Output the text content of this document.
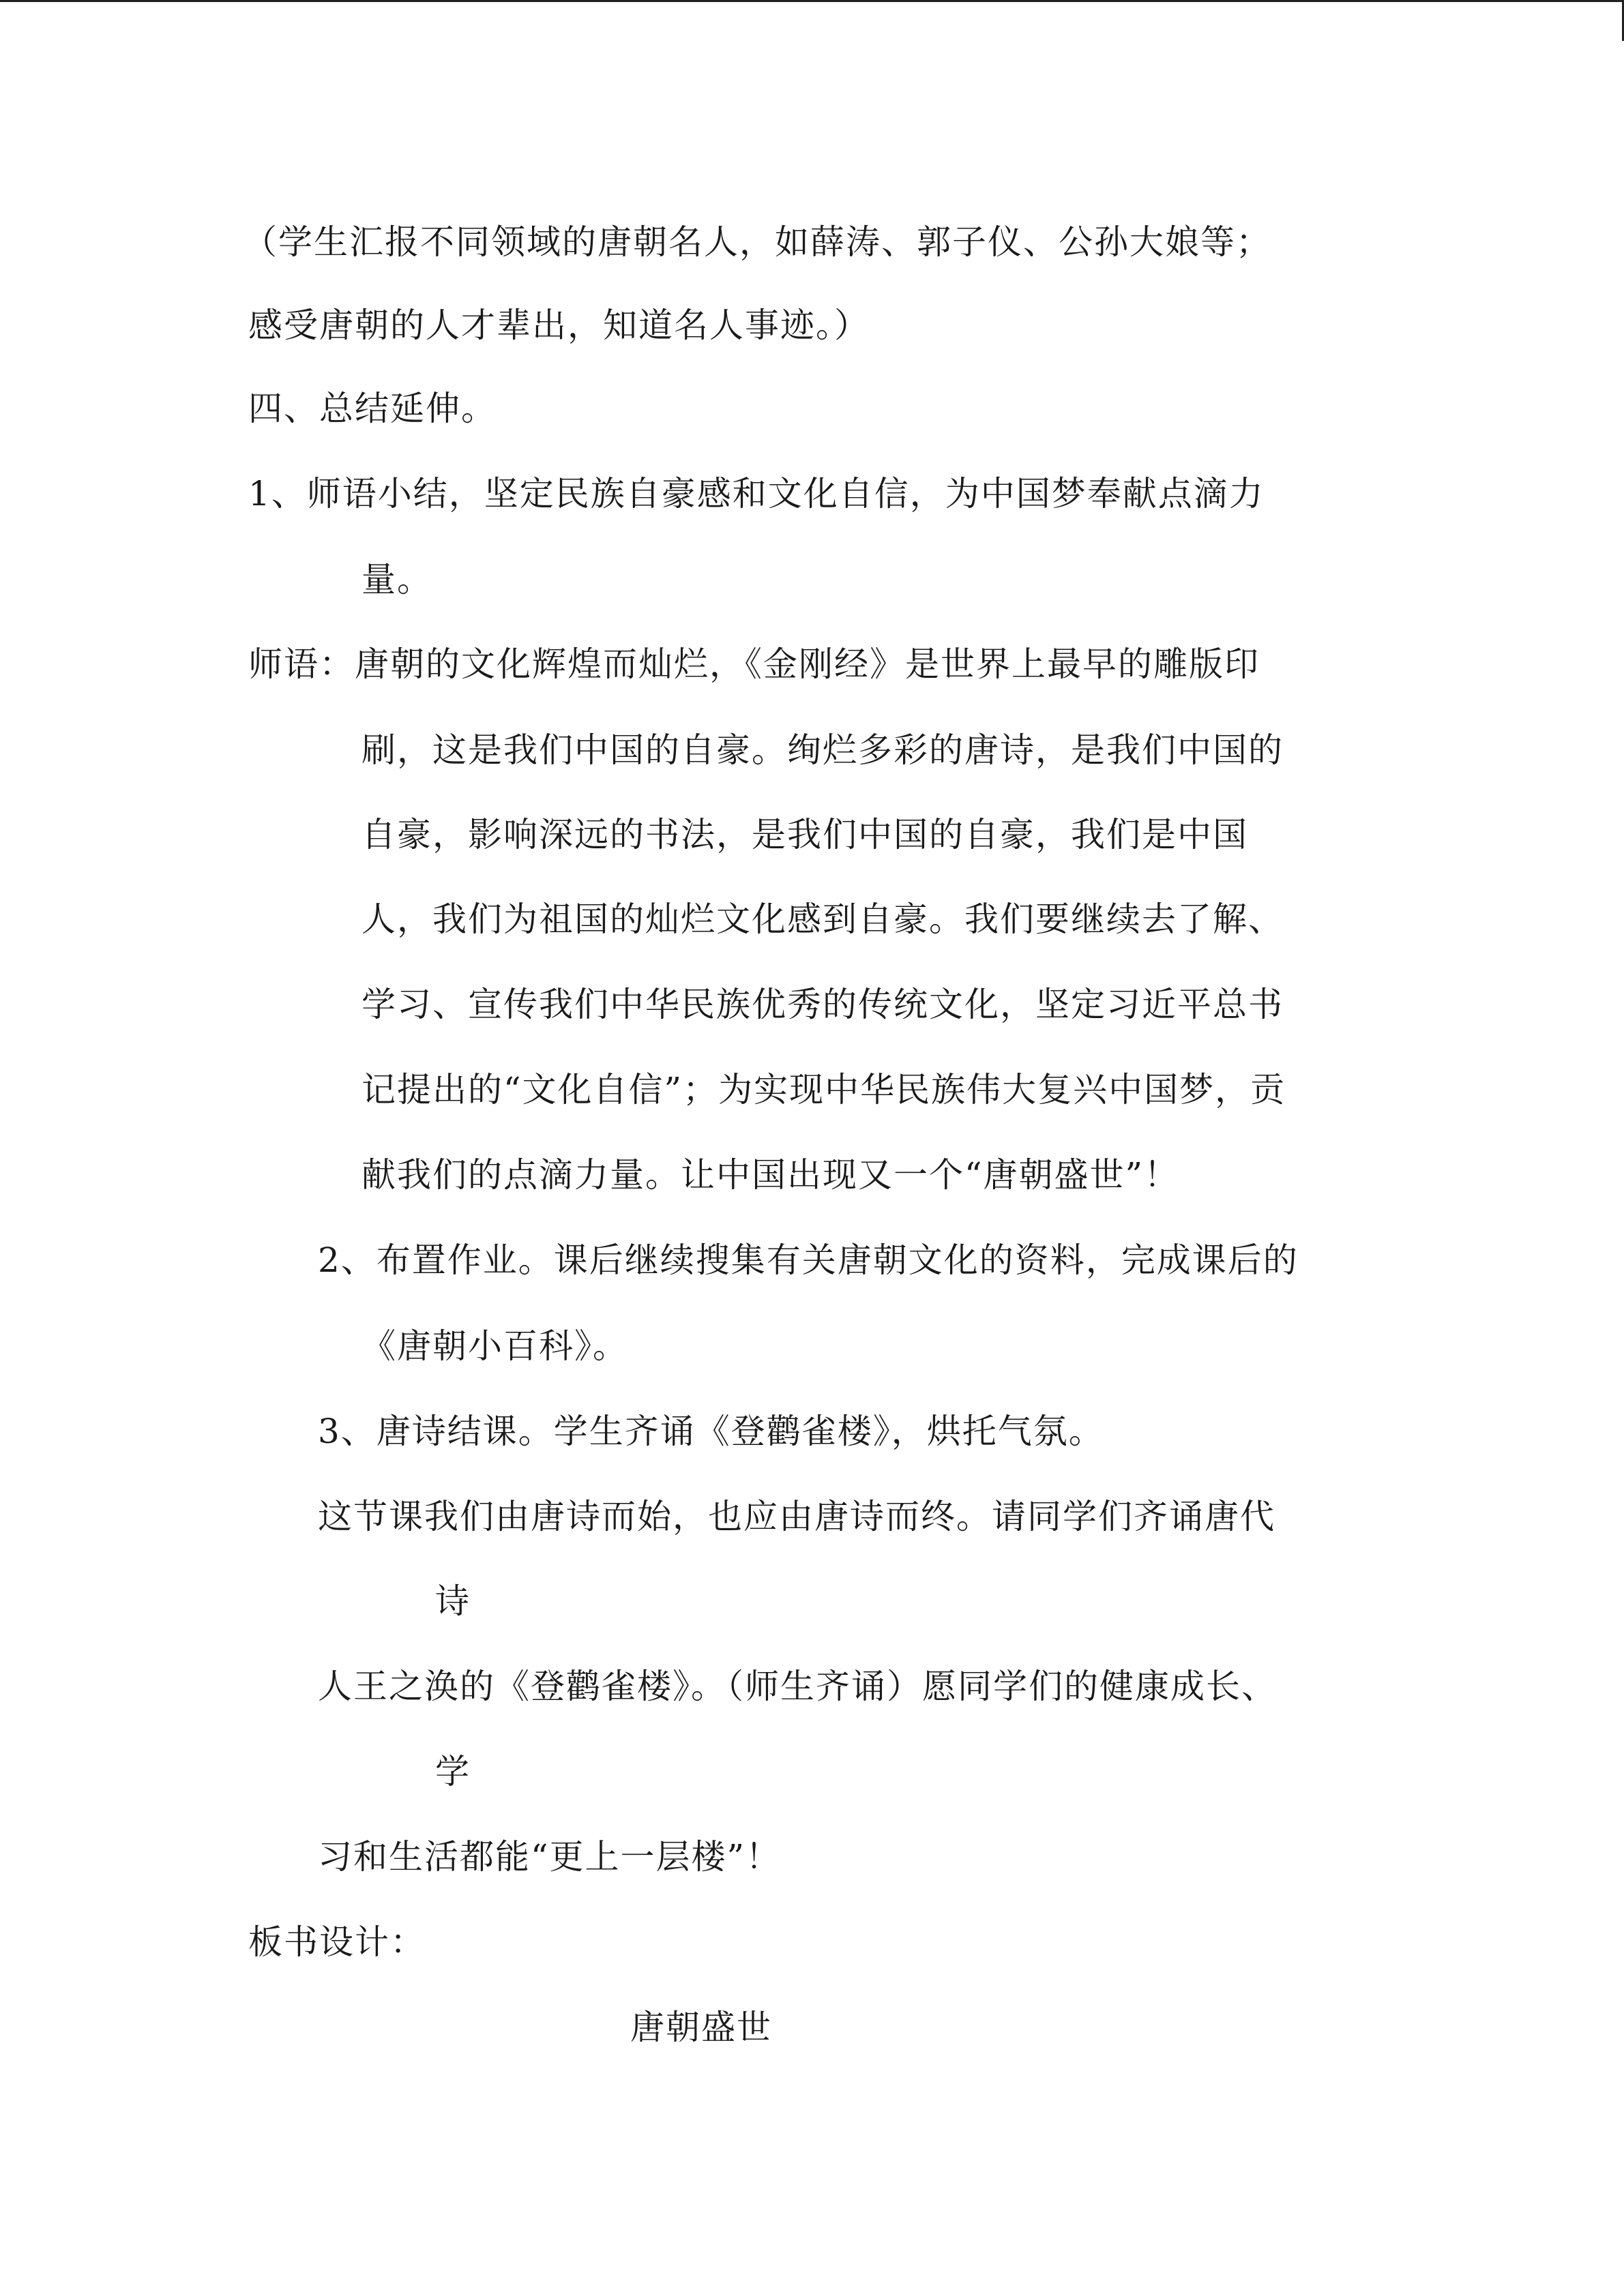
（学生汇报不同领域的唐朝名人，如薛涛、郭子仪、公孙大娘等；
感受唐朝的人才辈出，知道名人事迹。）
四、总结延伸。
1、师语小结，坚定民族自豪感和文化自信，为中国梦奉献点滴力
量。
师语：唐朝的文化辉煌而灿烂，《金刚经》是世界上最早的雕版印
刷，这是我们中国的自豪。绚烂多彩的唐诗，是我们中国的
自豪，影响深远的书法，是我们中国的自豪，我们是中国
人，我们为祖国的灿烂文化感到自豪。我们要继续去了解、
学习、宣传我们中华民族优秀的传统文化，坚定习近平总书
记提出的“文化自信”；为实现中华民族伟大复兴中国梦，贡
献我们的点滴力量。让中国出现又一个“唐朝盛世”！
2、布置作业。课后继续搜集有关唐朝文化的资料，完成课后的
《唐朝小百科》。
3、唐诗结课。学生齐诵《登鹳雀楼》，烘托气氛。
这节课我们由唐诗而始，也应由唐诗而终。请同学们齐诵唐代
诗
人王之涣的《登鹳雀楼》。（师生齐诵）愿同学们的健康成长、
学
习和生活都能“更上一层楼”！
板书设计：
唐朝盛世
